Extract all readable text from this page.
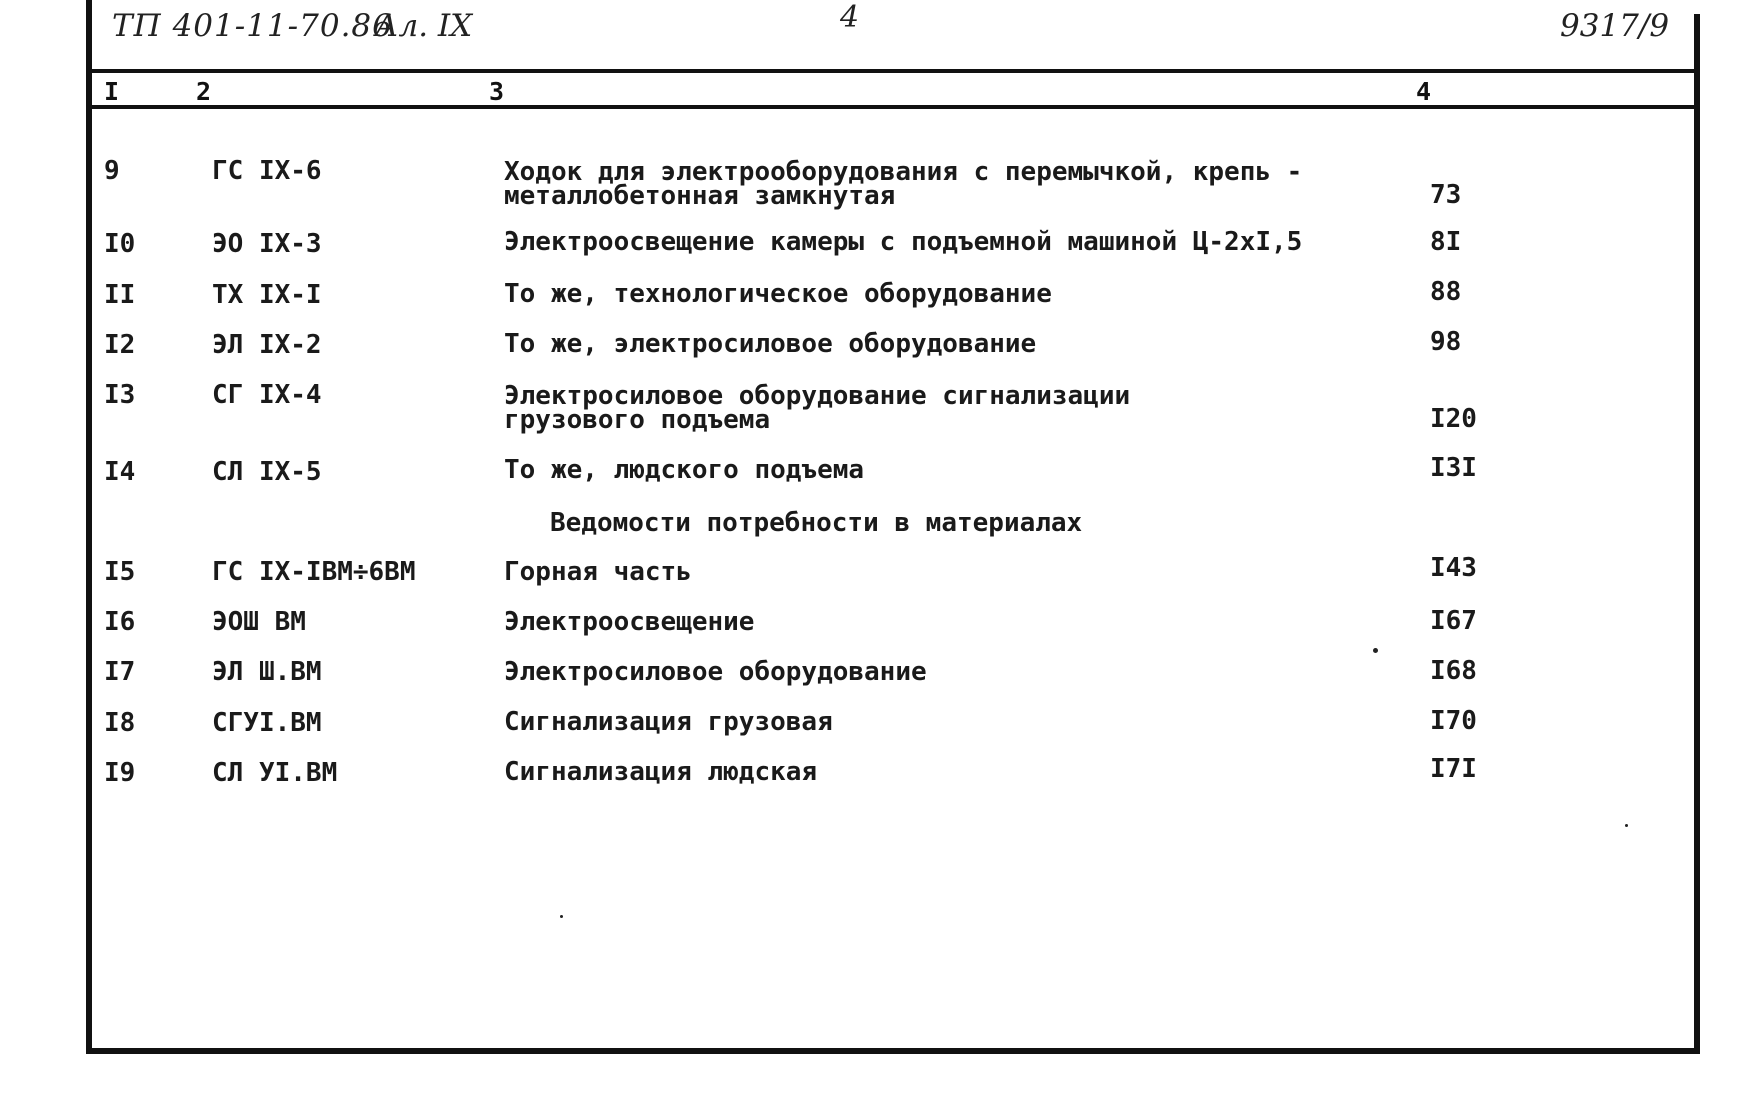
ТП 401-11-70.86
Ал. IX	4	9317/9
I	2	3	4
9	ГС IX-6	Ходок для электрооборудования с перемычкой, крепь -
металлобетонная замкнутая	73
I0	ЭО IX-3	Электроосвещение камеры с подъемной машиной Ц-2хI,5	8I
II	ТХ IX-I	То же, технологическое оборудование	88
I2	ЭЛ IX-2	То же, электросиловое оборудование	98
I3	СГ IX-4	Электросиловое оборудование сигнализации
грузового подъема	I20
I4	СЛ IX-5	То же, людского подъема	I3I
Ведомости потребности в материалах
I5	ГС IX-IВМ÷6ВМ	Горная часть	I43
I6	ЭОШ ВМ	Электроосвещение	I67
I7	ЭЛ Ш.ВМ	Электросиловое оборудование	I68
I8	СГУI.ВМ	Сигнализация грузовая	I70
I9	СЛ УI.ВМ	Сигнализация людская	I7I
